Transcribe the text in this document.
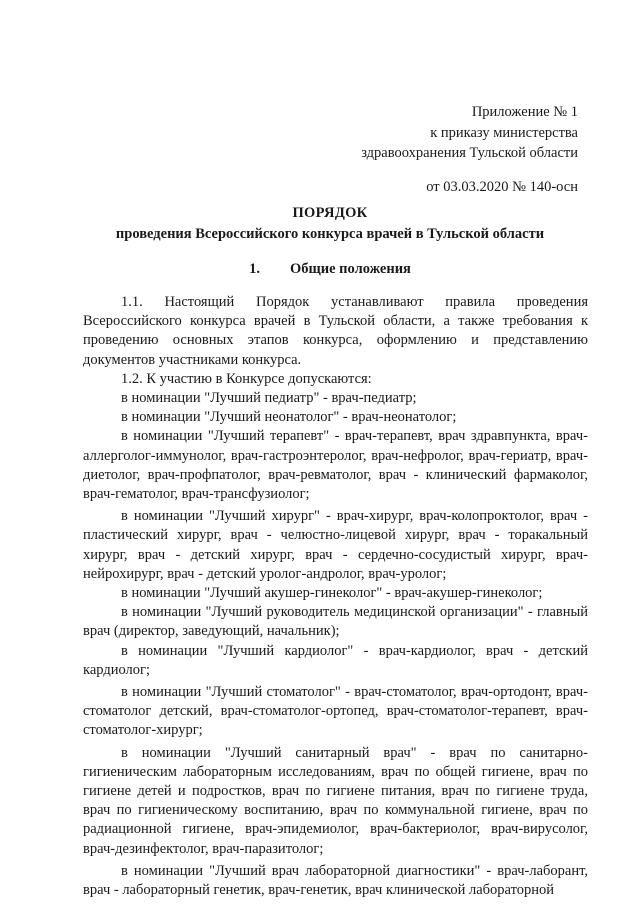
Приложение № 1
к приказу министерства
здравоохранения Тульской области
от 03.03.2020 № 140-осн
ПОРЯДОК
проведения Всероссийского конкурса врачей в Тульской области
1. Общие положения

1.1. Настоящий Порядок устанавливают правила проведения Всероссийского конкурса врачей в Тульской области, а также требования к проведению основных этапов конкурса, оформлению и представлению документов участниками конкурса.

1.2. К участию в Конкурсе допускаются:

в номинации "Лучший педиатр" - врач-педиатр;

в номинации "Лучший неонатолог" - врач-неонатолог;

в номинации "Лучший терапевт" - врач-терапевт, врач здравпункта, врач-аллерголог-иммунолог, врач-гастроэнтеролог, врач-нефролог, врач-гериатр, врач-диетолог, врач-профпатолог, врач-ревматолог, врач - клинический фармаколог, врач-гематолог, врач-трансфузиолог;

в номинации "Лучший хирург" - врач-хирург, врач-колопроктолог, врач - пластический хирург, врач - челюстно-лицевой хирург, врач - торакальный хирург, врач - детский хирург, врач - сердечно-сосудистый хирург, врач-нейрохирург, врач - детский уролог-андролог, врач-уролог;

в номинации "Лучший акушер-гинеколог" - врач-акушер-гинеколог;

в номинации "Лучший руководитель медицинской организации" - главный врач (директор, заведующий, начальник);

в номинации "Лучший кардиолог" - врач-кардиолог, врач - детский кардиолог;

в номинации "Лучший стоматолог" - врач-стоматолог, врач-ортодонт, врач-стоматолог детский, врач-стоматолог-ортопед, врач-стоматолог-терапевт, врач-стоматолог-хирург;

в номинации "Лучший санитарный врач" - врач по санитарно-гигиеническим лабораторным исследованиям, врач по общей гигиене, врач по гигиене детей и подростков, врач по гигиене питания, врач по гигиене труда, врач по гигиеническому воспитанию, врач по коммунальной гигиене, врач по радиационной гигиене, врач-эпидемиолог, врач-бактериолог, врач-вирусолог, врач-дезинфектолог, врач-паразитолог;

в номинации "Лучший врач лабораторной диагностики" - врач-лаборант, врач - лабораторный генетик, врач-генетик, врач клинической лабораторной
